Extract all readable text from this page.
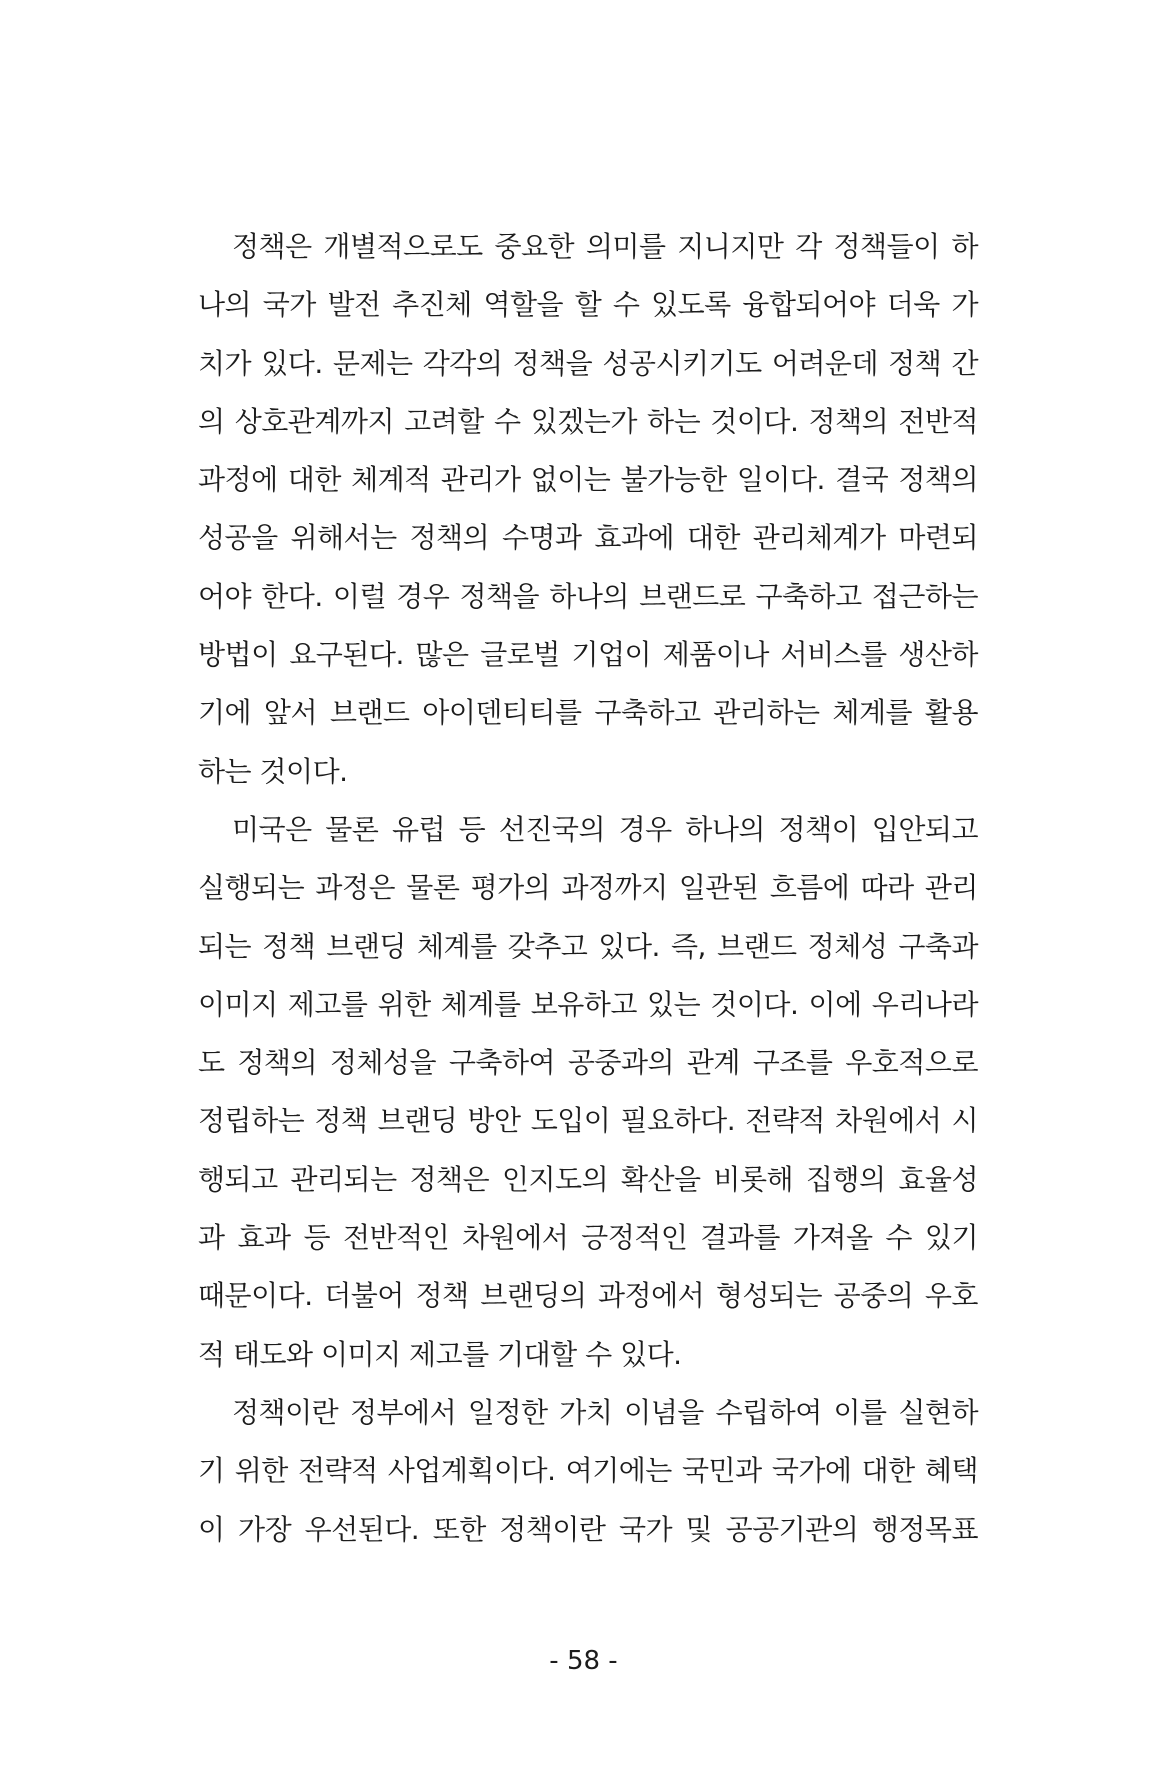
정책은 개별적으로도 중요한 의미를 지니지만 각 정책들이 하
나의 국가 발전 추진체 역할을 할 수 있도록 융합되어야 더욱 가
치가 있다. 문제는 각각의 정책을 성공시키기도 어려운데 정책 간
의 상호관계까지 고려할 수 있겠는가 하는 것이다. 정책의 전반적
과정에 대한 체계적 관리가 없이는 불가능한 일이다. 결국 정책의
성공을 위해서는 정책의 수명과 효과에 대한 관리체계가 마련되
어야 한다. 이럴 경우 정책을 하나의 브랜드로 구축하고 접근하는
방법이 요구된다. 많은 글로벌 기업이 제품이나 서비스를 생산하
기에 앞서 브랜드 아이덴티티를 구축하고 관리하는 체계를 활용
하는 것이다.
미국은 물론 유럽 등 선진국의 경우 하나의 정책이 입안되고
실행되는 과정은 물론 평가의 과정까지 일관된 흐름에 따라 관리
되는 정책 브랜딩 체계를 갖추고 있다. 즉, 브랜드 정체성 구축과
이미지 제고를 위한 체계를 보유하고 있는 것이다. 이에 우리나라
도 정책의 정체성을 구축하여 공중과의 관계 구조를 우호적으로
정립하는 정책 브랜딩 방안 도입이 필요하다. 전략적 차원에서 시
행되고 관리되는 정책은 인지도의 확산을 비롯해 집행의 효율성
과 효과 등 전반적인 차원에서 긍정적인 결과를 가져올 수 있기
때문이다. 더불어 정책 브랜딩의 과정에서 형성되는 공중의 우호
적 태도와 이미지 제고를 기대할 수 있다.
정책이란 정부에서 일정한 가치 이념을 수립하여 이를 실현하
기 위한 전략적 사업계획이다. 여기에는 국민과 국가에 대한 혜택
이 가장 우선된다. 또한 정책이란 국가 및 공공기관의 행정목표
- 58 -
